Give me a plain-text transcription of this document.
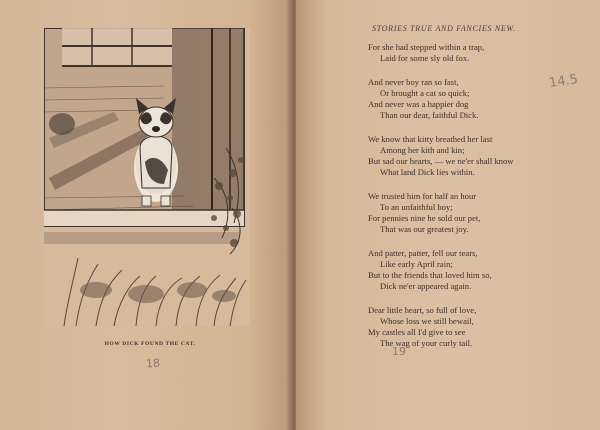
HOW DICK FOUND THE CAT.
18
STORIES TRUE AND FANCIES NEW.
For she had stepped within a trap,
Laid for some sly old fox.
And never boy ran so fast,
Or brought a cat so quick;
And never was a happier dog
Than our dear, faithful Dick.
We know that kitty breathed her last
Among her kith and kin;
But sad our hearts, — we ne'er shall know
What land Dick lies within.
We trusted him for half an hour
To an unfaithful boy;
For pennies nine he sold our pet,
That was our greatest joy.
And patter, patter, fell our tears,
Like early April rain;
But to the friends that loved him so,
Dick ne'er appeared again.
Dear little heart, so full of love,
Whose loss we still bewail,
My castles all I'd give to see
The wag of your curly tail.
19
14.5
